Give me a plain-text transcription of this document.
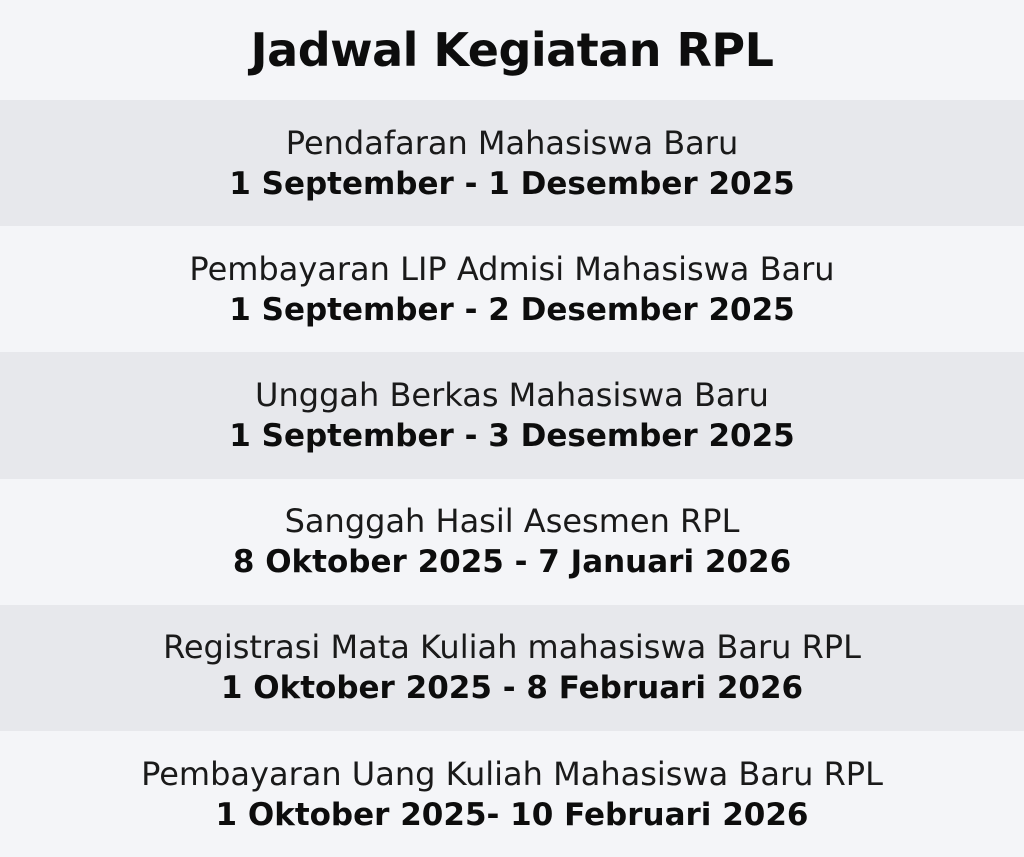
Jadwal Kegiatan RPL
Pendafaran Mahasiswa Baru
1 September - 1 Desember 2025
Pembayaran LIP Admisi Mahasiswa Baru
1 September - 2 Desember 2025
Unggah Berkas Mahasiswa Baru
1 September - 3 Desember 2025
Sanggah Hasil Asesmen RPL
8 Oktober 2025 - 7 Januari 2026
Registrasi Mata Kuliah mahasiswa Baru RPL
1 Oktober 2025 - 8 Februari 2026
Pembayaran Uang Kuliah Mahasiswa Baru RPL
1 Oktober 2025- 10 Februari 2026
